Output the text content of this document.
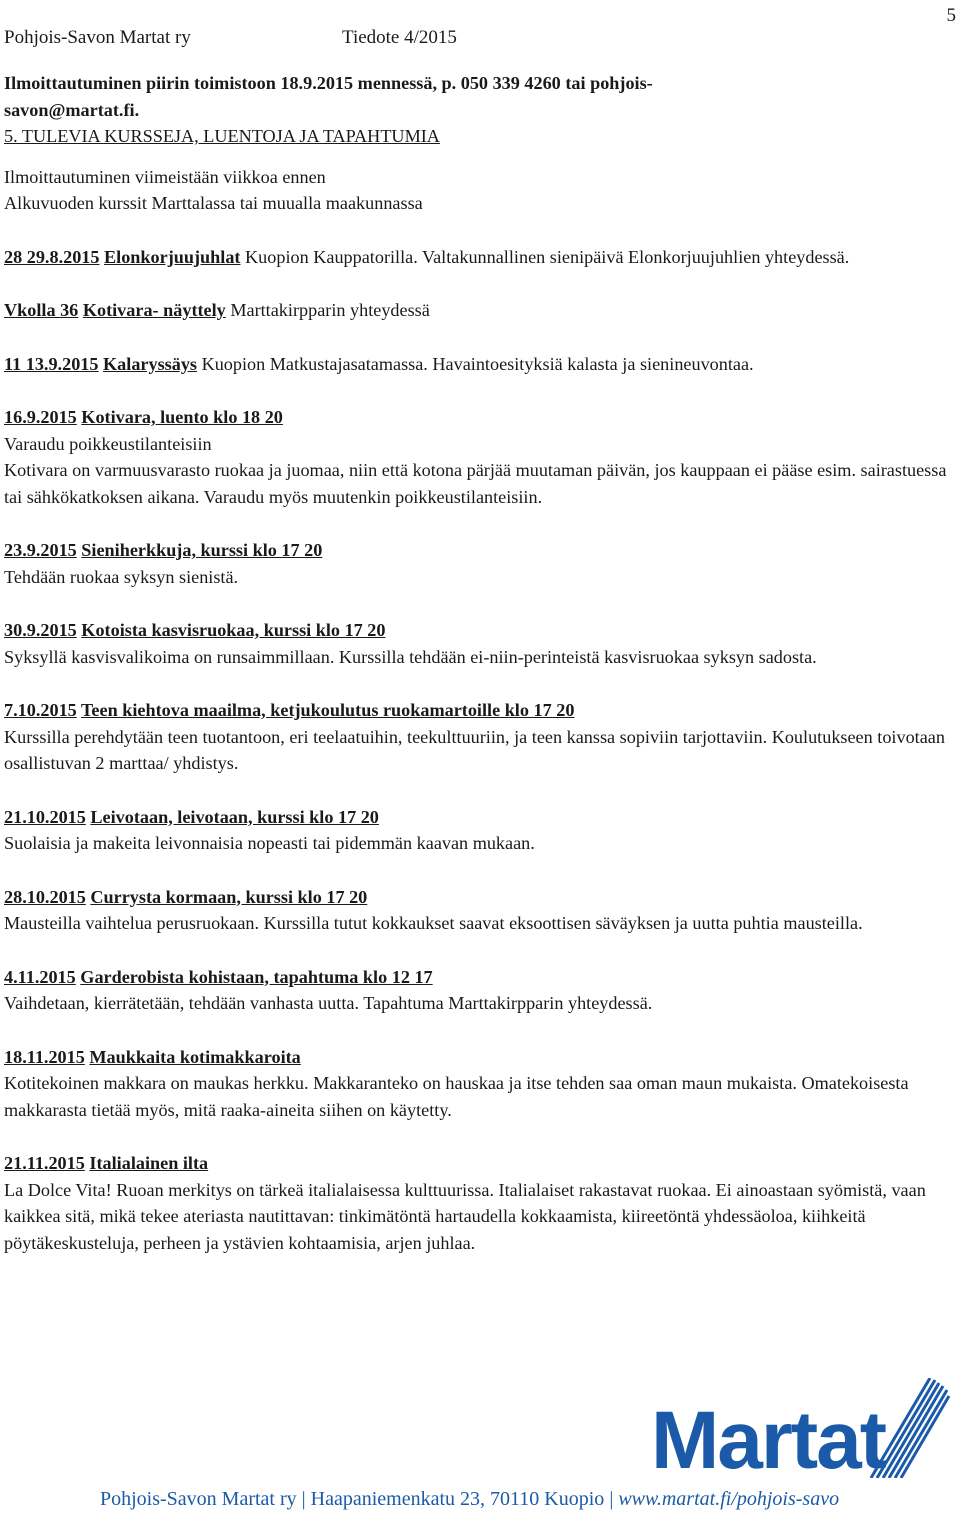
Pohjois-Savon Martat ry	Tiedote 4/2015
5

Ilmoittautuminen piirin toimistoon 18.9.2015 mennessä, p. 050 339 4260 tai pohjois-

savon@martat.fi.

5. TULEVIA KURSSEJA, LUENTOJA JA TAPAHTUMIA

Ilmoittautuminen viimeistään viikkoa ennen

Alkuvuoden kurssit Marttalassa tai muualla maakunnassa

28 29.8.2015 Elonkorjuujuhlat Kuopion Kauppatorilla. Valtakunnallinen sienipäivä Elonkorjuujuhlien yhteydessä.

Vkolla 36 Kotivara- näyttely Marttakirpparin yhteydessä

11 13.9.2015 Kalaryssäys Kuopion Matkustajasatamassa. Havaintoesityksiä kalasta ja sienineuvontaa.

16.9.2015 Kotivara, luento klo 18 20

Varaudu poikkeustilanteisiin
Kotivara on varmuusvarasto ruokaa ja juomaa, niin että kotona pärjää muutaman päivän, jos kauppaan ei pääse esim. sairastuessa tai sähkökatkoksen aikana. Varaudu myös muutenkin poikkeustilanteisiin.

23.9.2015 Sieniherkkuja, kurssi klo 17 20

Tehdään ruokaa syksyn sienistä.

30.9.2015 Kotoista kasvisruokaa, kurssi klo 17 20

Syksyllä kasvisvalikoima on runsaimmillaan. Kurssilla tehdään ei-niin-perinteistä kasvisruokaa syksyn sadosta.

7.10.2015 Teen kiehtova maailma, ketjukoulutus ruokamartoille klo 17 20

Kurssilla perehdytään teen tuotantoon, eri teelaatuihin, teekulttuuriin, ja teen kanssa sopiviin tarjottaviin. Koulutukseen toivotaan osallistuvan 2 marttaa/ yhdistys.

21.10.2015 Leivotaan, leivotaan, kurssi klo 17 20

Suolaisia ja makeita leivonnaisia nopeasti tai pidemmän kaavan mukaan.

28.10.2015 Currysta kormaan, kurssi klo 17 20

Mausteilla vaihtelua perusruokaan. Kurssilla tutut kokkaukset saavat eksoottisen säväyksen ja uutta puhtia mausteilla.

4.11.2015 Garderobista kohistaan, tapahtuma klo 12 17

Vaihdetaan, kierrätetään, tehdään vanhasta uutta. Tapahtuma Marttakirpparin yhteydessä.

18.11.2015 Maukkaita kotimakkaroita

Kotitekoinen makkara on maukas herkku. Makkaranteko on hauskaa ja itse tehden saa oman maun mukaista. Omatekoisesta makkarasta tietää myös, mitä raaka-aineita siihen on käytetty.

21.11.2015 Italialainen ilta

La Dolce Vita! Ruoan merkitys on tärkeä italialaisessa kulttuurissa. Italialaiset rakastavat ruokaa. Ei ainoastaan syömistä, vaan kaikkea sitä, mikä tekee ateriasta nautittavan: tinkimätöntä hartaudella kokkaamista, kiireetöntä yhdessäoloa, kiihkeitä pöytäkeskusteluja, perheen ja ystävien kohtaamisia, arjen juhlaa.

Martat
Pohjois-Savon Martat ry | Haapaniemenkatu 23, 70110 Kuopio | www.martat.fi/pohjois-savo
